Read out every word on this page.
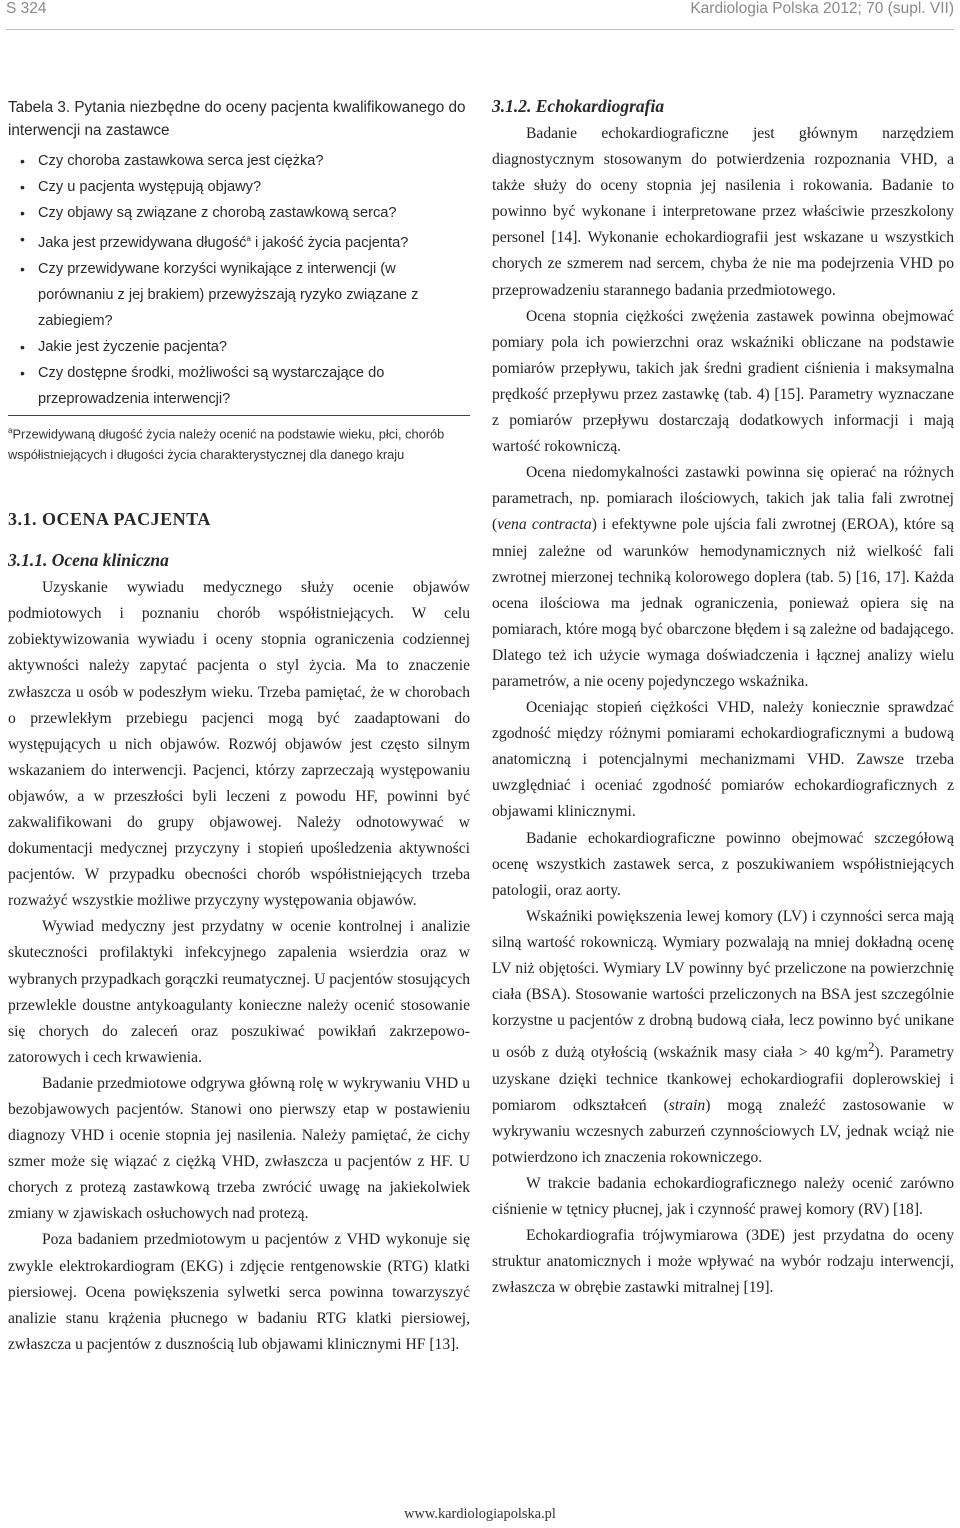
S 324	Kardiologia Polska 2012; 70 (supl. VII)

Tabela 3. Pytania niezbędne do oceny pacjenta kwalifikowanego do interwencji na zastawce

• Czy choroba zastawkowa serca jest ciężka?
• Czy u pacjenta występują objawy?
• Czy objawy są związane z chorobą zastawkową serca?
• Jaka jest przewidywana długość$^a$ i jakość życia pacjenta?
• Czy przewidywane korzyści wynikające z interwencji (w porównaniu z jej brakiem) przewyższają ryzyko związane z zabiegiem?
• Jakie jest życzenie pacjenta?
• Czy dostępne środki, możliwości są wystarczające do przeprowadzenia interwencji?

$^a$Przewidywaną długość życia należy ocenić na podstawie wieku, płci, chorób współistniejących i długości życia charakterystycznej dla danego kraju

3.1. OCENA PACJENTA
3.1.1. Ocena kliniczna

Uzyskanie wywiadu medycznego służy ocenie objawów podmiotowych i poznaniu chorób współistniejących. W celu zobiektywizowania wywiadu i oceny stopnia ograniczenia codziennej aktywności należy zapytać pacjenta o styl życia. Ma to znaczenie zwłaszcza u osób w podeszłym wieku. Trzeba pamiętać, że w chorobach o przewlekłym przebiegu pacjenci mogą być zaadaptowani do występujących u nich objawów. Rozwój objawów jest często silnym wskazaniem do interwencji. Pacjenci, którzy zaprzeczają występowaniu objawów, a w przeszłości byli leczeni z powodu HF, powinni być zakwalifikowani do grupy objawowej. Należy odnotowywać w dokumentacji medycznej przyczyny i stopień upośledzenia aktywności pacjentów. W przypadku obecności chorób współistniejących trzeba rozważyć wszystkie możliwe przyczyny występowania objawów.

Wywiad medyczny jest przydatny w ocenie kontrolnej i analizie skuteczności profilaktyki infekcyjnego zapalenia wsierdzia oraz w wybranych przypadkach gorączki reumatycznej. U pacjentów stosujących przewlekle doustne antykoagulanty konieczne należy ocenić stosowanie się chorych do zaleceń oraz poszukiwać powikłań zakrzepowo-zatorowych i cech krwawienia.

Badanie przedmiotowe odgrywa główną rolę w wykrywaniu VHD u bezobjawowych pacjentów. Stanowi ono pierwszy etap w postawieniu diagnozy VHD i ocenie stopnia jej nasilenia. Należy pamiętać, że cichy szmer może się wiązać z ciężką VHD, zwłaszcza u pacjentów z HF. U chorych z protezą zastawkową trzeba zwrócić uwagę na jakiekolwiek zmiany w zjawiskach osłuchowych nad protezą.

Poza badaniem przedmiotowym u pacjentów z VHD wykonuje się zwykle elektrokardiogram (EKG) i zdjęcie rentgenowskie (RTG) klatki piersiowej. Ocena powiększenia sylwetki serca powinna towarzyszyć analizie stanu krążenia płucnego w badaniu RTG klatki piersiowej, zwłaszcza u pacjentów z dusznością lub objawami klinicznymi HF [13].

3.1.2. Echokardiografia

Badanie echokardiograficzne jest głównym narzędziem diagnostycznym stosowanym do potwierdzenia rozpoznania VHD, a także służy do oceny stopnia jej nasilenia i rokowania. Badanie to powinno być wykonane i interpretowane przez właściwie przeszkolony personel [14]. Wykonanie echokardiografii jest wskazane u wszystkich chorych ze szmerem nad sercem, chyba że nie ma podejrzenia VHD po przeprowadzeniu starannego badania przedmiotowego.

Ocena stopnia ciężkości zwężenia zastawek powinna obejmować pomiary pola ich powierzchni oraz wskaźniki obliczane na podstawie pomiarów przepływu, takich jak średni gradient ciśnienia i maksymalna prędkość przepływu przez zastawkę (tab. 4) [15]. Parametry wyznaczane z pomiarów przepływu dostarczają dodatkowych informacji i mają wartość rokowniczą.

Ocena niedomykalności zastawki powinna się opierać na różnych parametrach, np. pomiarach ilościowych, takich jak talia fali zwrotnej (vena contracta) i efektywne pole ujścia fali zwrotnej (EROA), które są mniej zależne od warunków hemodynamicznych niż wielkość fali zwrotnej mierzonej techniką kolorowego doplera (tab. 5) [16, 17]. Każda ocena ilościowa ma jednak ograniczenia, ponieważ opiera się na pomiarach, które mogą być obarczone błędem i są zależne od badającego. Dlatego też ich użycie wymaga doświadczenia i łącznej analizy wielu parametrów, a nie oceny pojedynczego wskaźnika.

Oceniając stopień ciężkości VHD, należy koniecznie sprawdzać zgodność między różnymi pomiarami echokardiograficznymi a budową anatomiczną i potencjalnymi mechanizmami VHD. Zawsze trzeba uwzględniać i oceniać zgodność pomiarów echokardiograficznych z objawami klinicznymi.

Badanie echokardiograficzne powinno obejmować szczegółową ocenę wszystkich zastawek serca, z poszukiwaniem współistniejących patologii, oraz aorty.

Wskaźniki powiększenia lewej komory (LV) i czynności serca mają silną wartość rokowniczą. Wymiary pozwalają na mniej dokładną ocenę LV niż objętości. Wymiary LV powinny być przeliczone na powierzchnię ciała (BSA). Stosowanie wartości przeliczonych na BSA jest szczególnie korzystne u pacjentów z drobną budową ciała, lecz powinno być unikane u osób z dużą otyłością (wskaźnik masy ciała > 40 $kg/m^2$). Parametry uzyskane dzięki technice tkankowej echokardiografii doplerowskiej i pomiarom odkształceń (strain) mogą znaleźć zastosowanie w wykrywaniu wczesnych zaburzeń czynnościowych LV, jednak wciąż nie potwierdzono ich znaczenia rokowniczego.

W trakcie badania echokardiograficznego należy ocenić zarówno ciśnienie w tętnicy płucnej, jak i czynność prawej komory (RV) [18].

Echokardiografia trójwymiarowa (3DE) jest przydatna do oceny struktur anatomicznych i może wpływać na wybór rodzaju interwencji, zwłaszcza w obrębie zastawki mitralnej [19].

www.kardiologiapolska.pl
